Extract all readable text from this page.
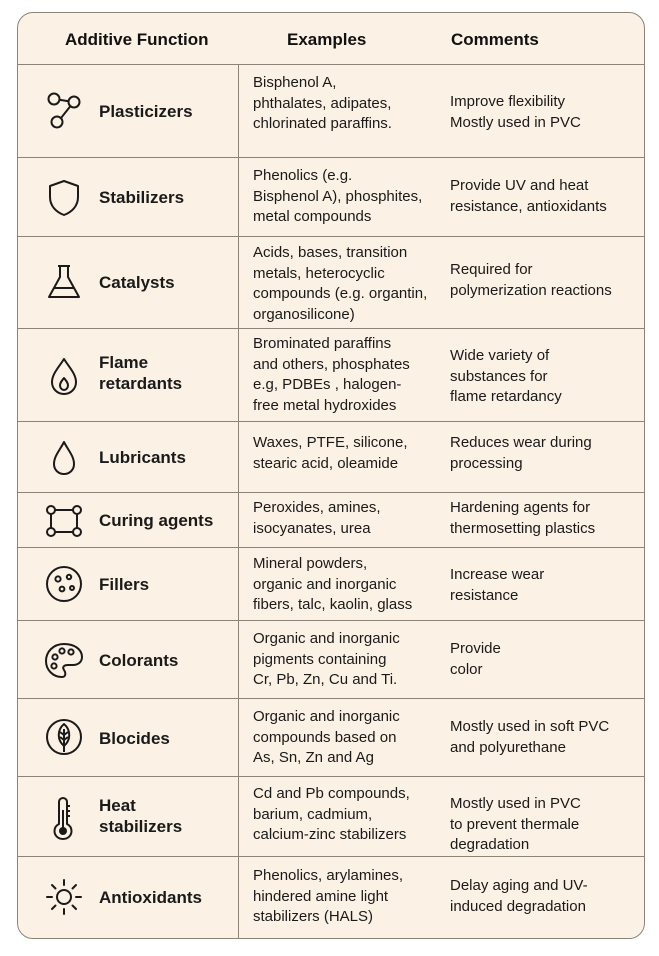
Additive Function	Examples	Comments
Plasticizers
Bisphenol A,
phthalates, adipates,
chlorinated paraffins.
Improve flexibility
Mostly used in PVC
Stabilizers
Phenolics (e.g.
Bisphenol A), phosphites,
metal compounds
Provide UV and heat
resistance, antioxidants
Catalysts
Acids, bases, transition
metals, heterocyclic
compounds (e.g. organtin,
organosilicone)
Required for
polymerization reactions
Flame
retardants
Brominated paraffins
and others, phosphates
e.g, PDBEs , halogen-
free metal hydroxides
Wide variety of
substances for
flame retardancy
Lubricants
Waxes, PTFE, silicone,
stearic acid, oleamide
Reduces wear during
processing
Curing agents
Peroxides, amines,
isocyanates, urea
Hardening agents for
thermosetting plastics
Fillers
Mineral powders,
organic and inorganic
fibers, talc, kaolin, glass
Increase wear
resistance
Colorants
Organic and inorganic
pigments containing
Cr, Pb, Zn, Cu and Ti.
Provide
color
Blocides
Organic and inorganic
compounds based on
As, Sn, Zn and Ag
Mostly used in soft PVC
and polyurethane
Heat
stabilizers
Cd and Pb compounds,
barium, cadmium,
calcium-zinc stabilizers
Mostly used in PVC
to prevent thermale
degradation
Antioxidants
Phenolics, arylamines,
hindered amine light
stabilizers (HALS)
Delay aging and UV-
induced degradation
